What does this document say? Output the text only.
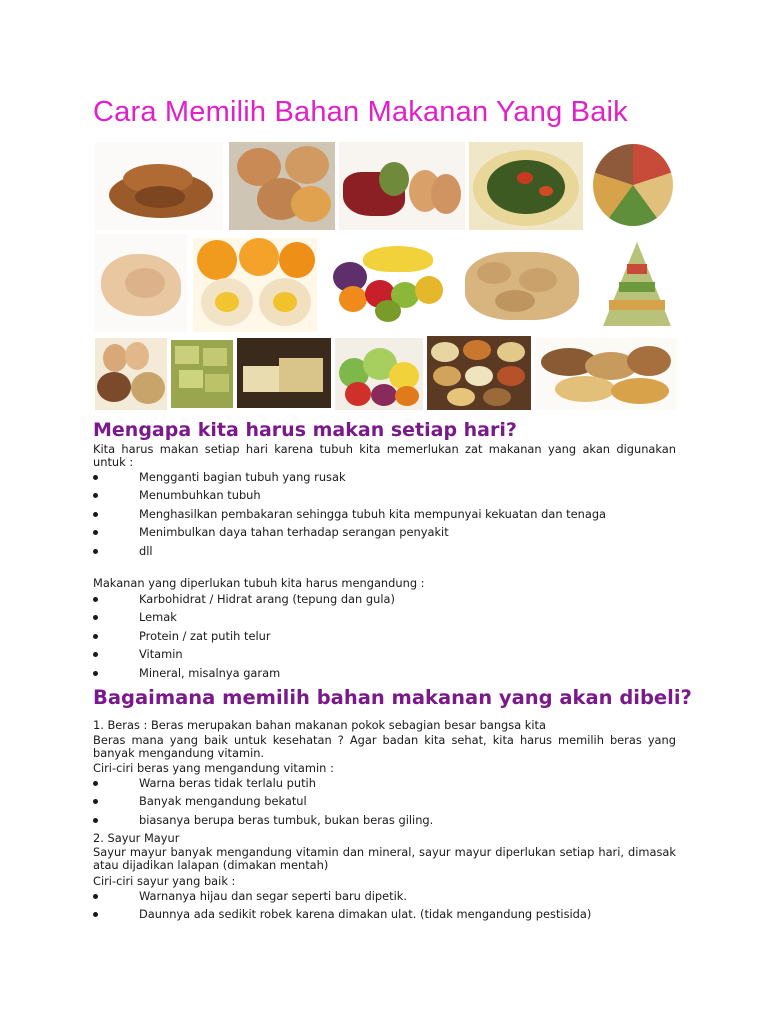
Cara Memilih Bahan Makanan Yang Baik
Mengapa kita harus makan setiap hari?
Kita harus makan setiap hari karena tubuh kita memerlukan zat makanan yang akan digunakan untuk :
Mengganti bagian tubuh yang rusak
Menumbuhkan tubuh
Menghasilkan pembakaran sehingga tubuh kita mempunyai kekuatan dan tenaga
Menimbulkan daya tahan terhadap serangan penyakit
dll
Makanan yang diperlukan tubuh kita harus mengandung :
Karbohidrat / Hidrat arang (tepung dan gula)
Lemak
Protein / zat putih telur
Vitamin
Mineral, misalnya garam
Bagaimana memilih bahan makanan yang akan dibeli?
1. Beras : Beras merupakan bahan makanan pokok sebagian besar bangsa kita
Beras mana yang baik untuk kesehatan ? Agar badan kita sehat, kita harus memilih beras yang banyak mengandung vitamin.
Ciri-ciri beras yang mengandung vitamin :
Warna beras tidak terlalu putih
Banyak mengandung bekatul
biasanya berupa beras tumbuk, bukan beras giling.
2. Sayur Mayur
Sayur mayur banyak mengandung vitamin dan mineral, sayur mayur diperlukan setiap hari, dimasak atau dijadikan lalapan (dimakan mentah)
Ciri-ciri sayur yang baik :
Warnanya hijau dan segar seperti baru dipetik.
Daunnya ada sedikit robek karena dimakan ulat. (tidak mengandung pestisida)
